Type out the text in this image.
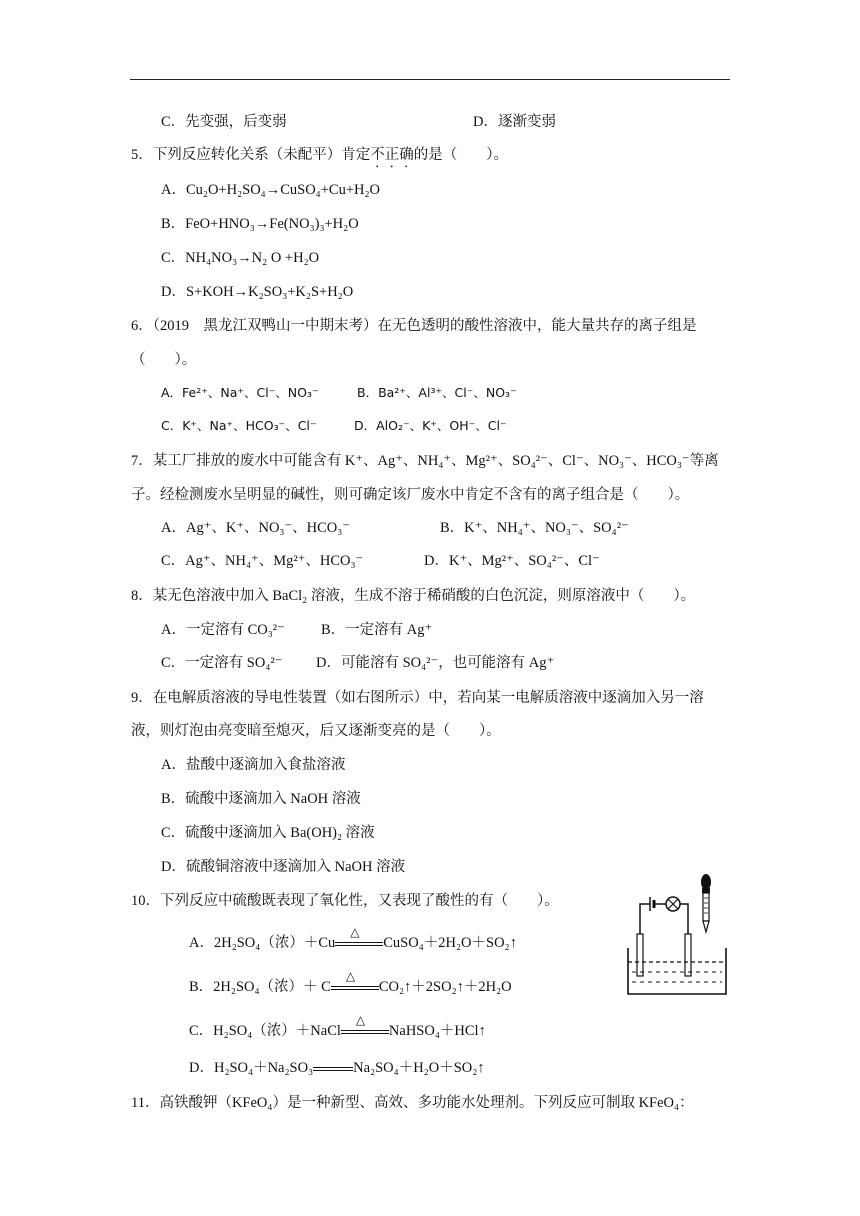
C．先变强，后变弱	D．逐渐变弱
5．下列反应转化关系（未配平）肯定不正确的是（　　）。
A．Cu₂O+H₂SO₄→CuSO₄+Cu+H₂O
B．FeO+HNO₃→Fe(NO₃)₃+H₂O
C．NH₄NO₃→N₂ O +H₂O
D．S+KOH→K₂SO₃+K₂S+H₂O
6．（2019　黑龙江双鸭山一中期末考）在无色透明的酸性溶液中，能大量共存的离子组是
（　　）。
A．Fe²⁺、Na⁺、Cl⁻、NO₃⁻	B．Ba²⁺、Al³⁺、Cl⁻、NO₃⁻
C．K⁺、Na⁺、HCO₃⁻、Cl⁻	D．AlO₂⁻、K⁺、OH⁻、Cl⁻
7．某工厂排放的废水中可能含有 K⁺、Ag⁺、NH₄⁺、Mg²⁺、SO₄²⁻、Cl⁻、NO₃⁻、HCO₃⁻等离
子。经检测废水呈明显的碱性，则可确定该厂废水中肯定不含有的离子组合是（　　）。
A．Ag⁺、K⁺、NO₃⁻、HCO₃⁻	B．K⁺、NH₄⁺、NO₃⁻、SO₄²⁻
C．Ag⁺、NH₄⁺、Mg²⁺、HCO₃⁻	D．K⁺、Mg²⁺、SO₄²⁻、Cl⁻
8．某无色溶液中加入 BaCl₂ 溶液，生成不溶于稀硝酸的白色沉淀，则原溶液中（　　）。
A．一定溶有 CO₃²⁻ B．一定溶有 Ag⁺
C．一定溶有 SO₄²⁻ D．可能溶有 SO₄²⁻，也可能溶有 Ag⁺
9．在电解质溶液的导电性装置（如右图所示）中，若向某一电解质溶液中逐滴加入另一溶
液，则灯泡由亮变暗至熄灭，后又逐渐变亮的是（　　）。
A．盐酸中逐滴加入食盐溶液
B．硫酸中逐滴加入 NaOH 溶液
C．硫酸中逐滴加入 Ba(OH)₂ 溶液
D．硫酸铜溶液中逐滴加入 NaOH 溶液
10．下列反应中硫酸既表现了氧化性，又表现了酸性的有（　　）。
A．2H₂SO₄（浓）＋Cu
△
CuSO₄＋2H₂O＋SO₂↑
B．2H₂SO₄（浓）＋ C
△
CO₂↑＋2SO₂↑＋2H₂O
C．H₂SO₄（浓）＋NaCl
△
NaHSO₄＋HCl↑
D．H₂SO₄＋Na₂SO₃	Na₂SO₄＋H₂O＋SO₂↑
11．高铁酸钾（KFeO₄）是一种新型、高效、多功能水处理剂。下列反应可制取 KFeO₄：
